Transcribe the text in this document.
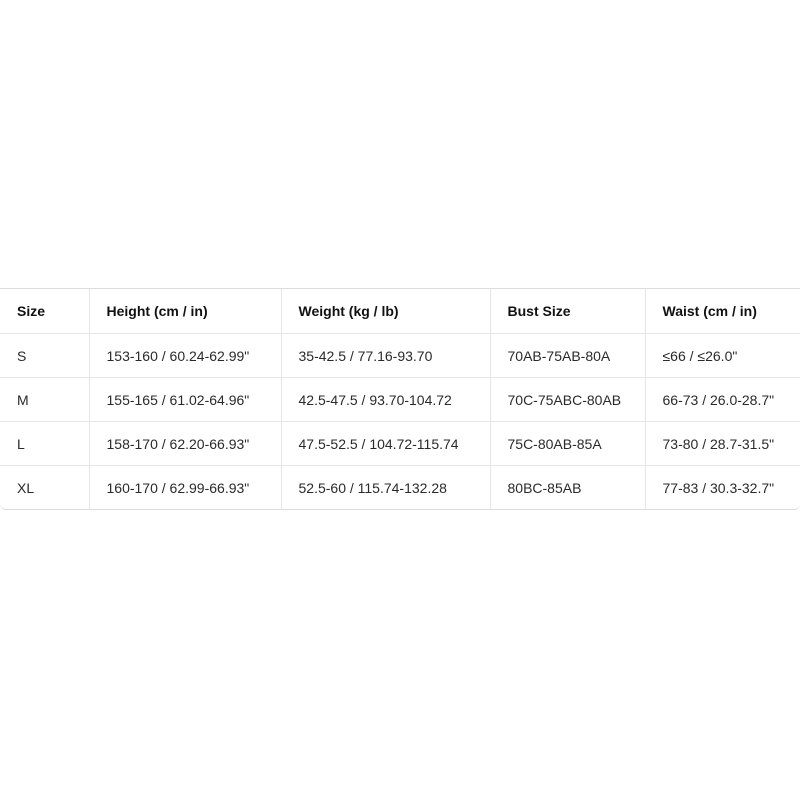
Size	Height (cm / in)	Weight (kg / lb)	Bust Size	Waist (cm / in)
S	153-160 / 60.24-62.99"	35-42.5 / 77.16-93.70	70AB-75AB-80A	≤66 / ≤26.0"
M	155-165 / 61.02-64.96"	42.5-47.5 / 93.70-104.72	70C-75ABC-80AB	66-73 / 26.0-28.7"
L	158-170 / 62.20-66.93"	47.5-52.5 / 104.72-115.74	75C-80AB-85A	73-80 / 28.7-31.5"
XL	160-170 / 62.99-66.93"	52.5-60 / 115.74-132.28	80BC-85AB	77-83 / 30.3-32.7"
